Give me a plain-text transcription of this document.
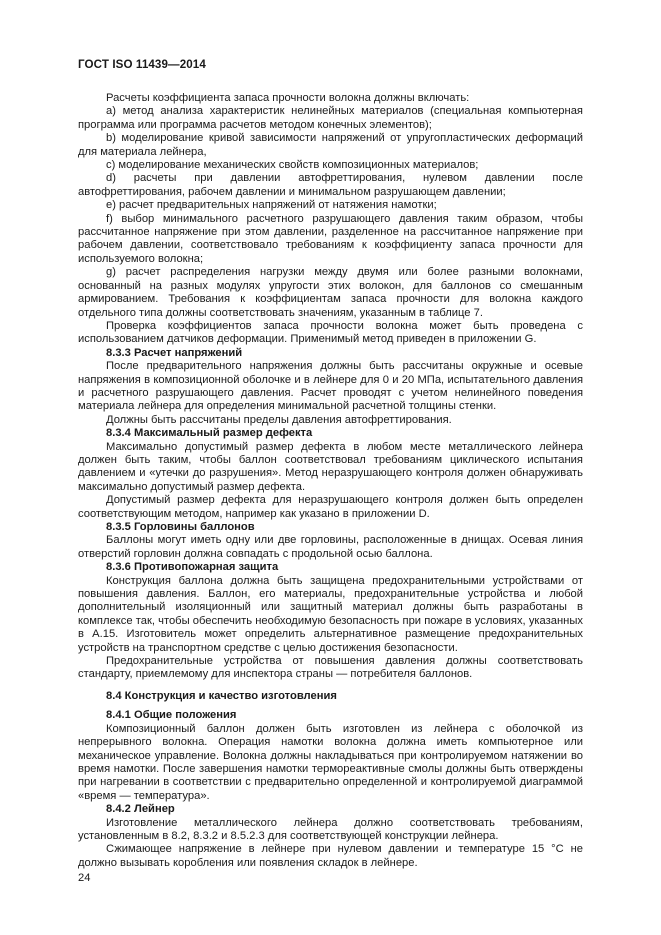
ГОСТ ISO 11439—2014

Расчеты коэффициента запаса прочности волокна должны включать:

a) метод анализа характеристик нелинейных материалов (специальная компьютерная программа или программа расчетов методом конечных элементов);

b) моделирование кривой зависимости напряжений от упругопластических деформаций для материала лейнера,

c) моделирование механических свойств композиционных материалов;

d) расчеты при давлении автофреттирования, нулевом давлении после автофреттирования, рабочем давлении и минимальном разрушающем давлении;

e) расчет предварительных напряжений от натяжения намотки;

f) выбор минимального расчетного разрушающего давления таким образом, чтобы рассчитанное напряжение при этом давлении, разделенное на рассчитанное напряжение при рабочем давлении, соответствовало требованиям к коэффициенту запаса прочности для используемого волокна;

g) расчет распределения нагрузки между двумя или более разными волокнами, основанный на разных модулях упругости этих волокон, для баллонов со смешанным армированием. Требования к коэффициентам запаса прочности для волокна каждого отдельного типа должны соответствовать значениям, указанным в таблице 7.

Проверка коэффициентов запаса прочности волокна может быть проведена с использованием датчиков деформации. Применимый метод приведен в приложении G.

8.3.3 Расчет напряжений

После предварительного напряжения должны быть рассчитаны окружные и осевые напряжения в композиционной оболочке и в лейнере для 0 и 20 МПа, испытательного давления и расчетного разрушающего давления. Расчет проводят с учетом нелинейного поведения материала лейнера для определения минимальной расчетной толщины стенки.

Должны быть рассчитаны пределы давления автофреттирования.

8.3.4 Максимальный размер дефекта

Максимально допустимый размер дефекта в любом месте металлического лейнера должен быть таким, чтобы баллон соответствовал требованиям циклического испытания давлением и «утечки до разрушения». Метод неразрушающего контроля должен обнаруживать максимально допустимый размер дефекта.

Допустимый размер дефекта для неразрушающего контроля должен быть определен соответствующим методом, например как указано в приложении D.

8.3.5 Горловины баллонов

Баллоны могут иметь одну или две горловины, расположенные в днищах. Осевая линия отверстий горловин должна совпадать с продольной осью баллона.

8.3.6 Противопожарная защита

Конструкция баллона должна быть защищена предохранительными устройствами от повышения давления. Баллон, его материалы, предохранительные устройства и любой дополнительный изоляционный или защитный материал должны быть разработаны в комплексе так, чтобы обеспечить необходимую безопасность при пожаре в условиях, указанных в А.15. Изготовитель может определить альтернативное размещение предохранительных устройств на транспортном средстве с целью достижения безопасности.

Предохранительные устройства от повышения давления должны соответствовать стандарту, приемлемому для инспектора страны — потребителя баллонов.

8.4 Конструкция и качество изготовления

8.4.1 Общие положения

Композиционный баллон должен быть изготовлен из лейнера с оболочкой из непрерывного волокна. Операция намотки волокна должна иметь компьютерное или механическое управление. Волокна должны накладываться при контролируемом натяжении во время намотки. После завершения намотки термореактивные смолы должны быть отверждены при нагревании в соответствии с предварительно определенной и контролируемой диаграммой «время — температура».

8.4.2 Лейнер

Изготовление металлического лейнера должно соответствовать требованиям, установленным в 8.2, 8.3.2 и 8.5.2.3 для соответствующей конструкции лейнера.

Сжимающее напряжение в лейнере при нулевом давлении и температуре 15 °С не должно вызывать коробления или появления складок в лейнере.

24
